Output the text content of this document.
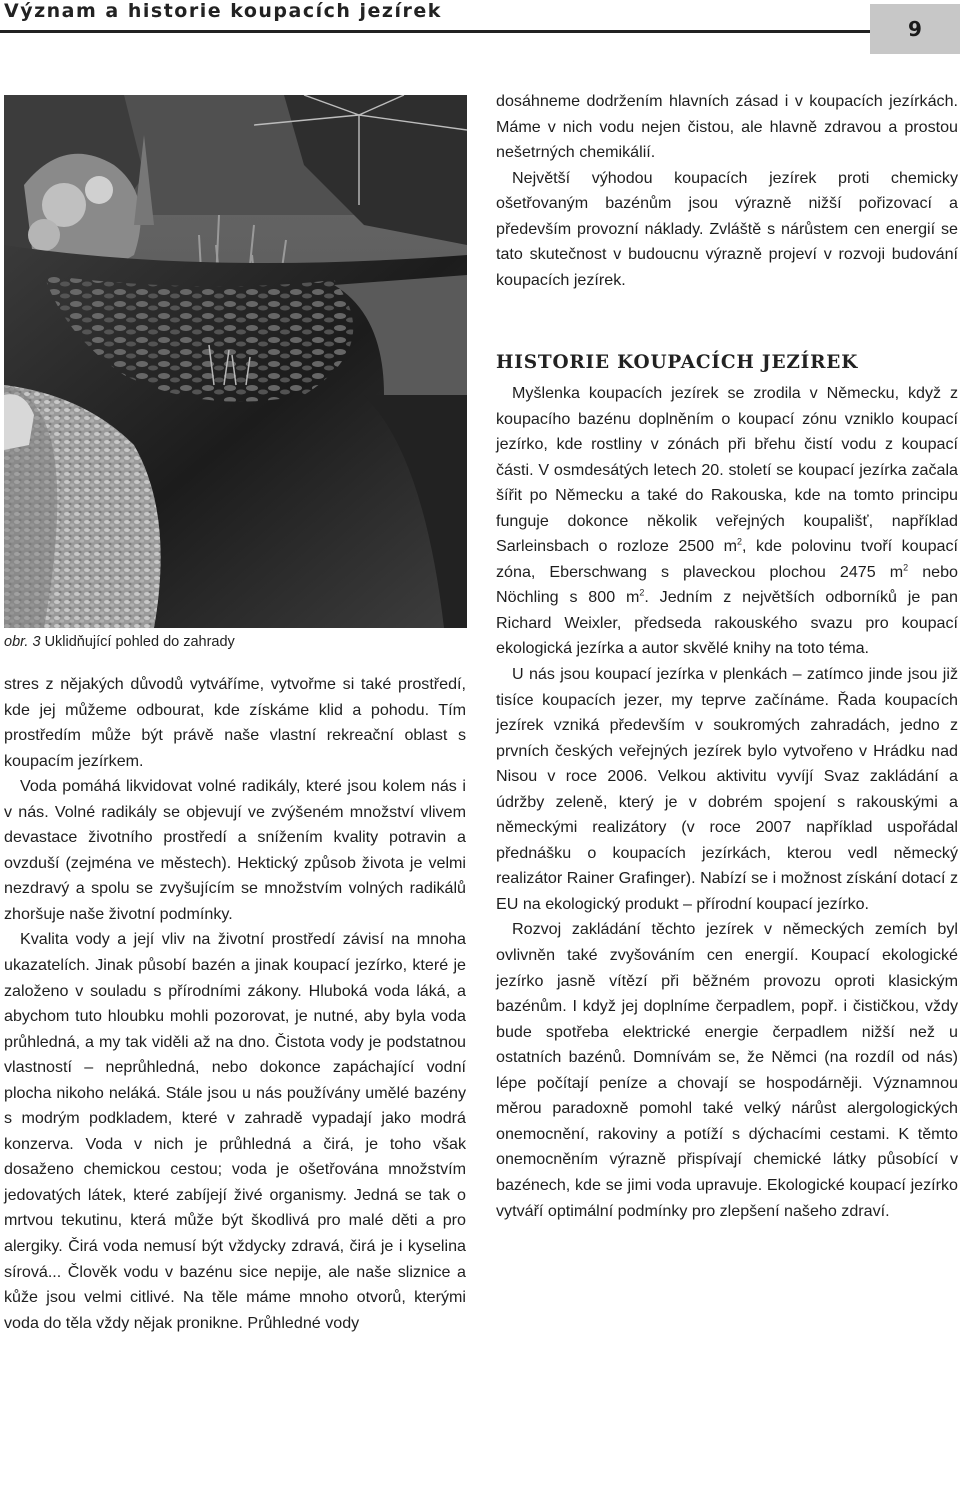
Význam a historie koupacích jezírek
9
obr. 3 Uklidňující pohled do zahrady

stres z nějakých důvodů vytváříme, vytvořme si také prostředí, kde jej můžeme odbourat, kde získáme klid a pohodu. Tím prostředím může být právě naše vlastní rekreační oblast s koupacím jezírkem.

Voda pomáhá likvidovat volné radikály, které jsou kolem nás i v nás. Volné radikály se objevují ve zvýšeném množství vlivem devastace životního prostředí a snížením kvality potravin a ovzduší (zejména ve městech). Hektický způsob života je velmi nezdravý a spolu se zvyšujícím se množstvím volných radikálů zhoršuje naše životní podmínky.

Kvalita vody a její vliv na životní prostředí závisí na mnoha ukazatelích. Jinak působí bazén a jinak koupací jezírko, které je založeno v souladu s přírodními zákony. Hluboká voda láká, a abychom tuto hloubku mohli pozorovat, je nutné, aby byla voda průhledná, a my tak viděli až na dno. Čistota vody je podstatnou vlastností – neprůhledná, nebo dokonce zapáchající vodní plocha nikoho neláká. Stále jsou u nás používány umělé bazény s modrým podkladem, které v zahradě vypadají jako modrá konzerva. Voda v nich je průhledná a čirá, je toho však dosaženo chemickou cestou; voda je ošetřována množstvím jedovatých látek, které zabíjejí živé organismy. Jedná se tak o mrtvou tekutinu, která může být škodlivá pro malé děti a pro alergiky. Čirá voda nemusí být vždycky zdravá, čirá je i kyselina sírová... Člověk vodu v bazénu sice nepije, ale naše sliznice a kůže jsou velmi citlivé. Na těle máme mnoho otvorů, kterými voda do těla vždy nějak pronikne. Průhledné vody

dosáhneme dodržením hlavních zásad i v koupacích jezírkách. Máme v nich vodu nejen čistou, ale hlavně zdravou a prostou nešetrných chemikálií.

Největší výhodou koupacích jezírek proti chemicky ošetřovaným bazénům jsou výrazně nižší pořizovací a především provozní náklady. Zvláště s nárůstem cen energií se tato skutečnost v budoucnu výrazně projeví v rozvoji budování koupacích jezírek.

HISTORIE KOUPACÍCH JEZÍREK

Myšlenka koupacích jezírek se zrodila v Německu, když z koupacího bazénu doplněním o koupací zónu vzniklo koupací jezírko, kde rostliny v zónách při břehu čistí vodu z koupací části. V osmdesátých letech 20. století se koupací jezírka začala šířit po Německu a také do Rakouska, kde na tomto principu funguje dokonce několik veřejných koupališť, například Sarleinsbach o rozloze 2500 $m^2$, kde polovinu tvoří koupací zóna, Eberschwang s plaveckou plochou 2475 $m^2$ nebo Nöchling s 800 $m^2$. Jedním z největších odborníků je pan Richard Weixler, předseda rakouského svazu pro koupací ekologická jezírka a autor skvělé knihy na toto téma.

U nás jsou koupací jezírka v plenkách – zatímco jinde jsou již tisíce koupacích jezer, my teprve začínáme. Řada koupacích jezírek vzniká především v soukromých zahradách, jedno z prvních českých veřejných jezírek bylo vytvořeno v Hrádku nad Nisou v roce 2006. Velkou aktivitu vyvíjí Svaz zakládání a údržby zeleně, který je v dobrém spojení s rakouskými a německými realizátory (v roce 2007 například uspořádal přednášku o koupacích jezírkách, kterou vedl německý realizátor Rainer Grafinger). Nabízí se i možnost získání dotací z EU na ekologický produkt – přírodní koupací jezírko.

Rozvoj zakládání těchto jezírek v německých zemích byl ovlivněn také zvyšováním cen energií. Koupací ekologické jezírko jasně vítězí při běžném provozu oproti klasickým bazénům. I když jej doplníme čerpadlem, popř. i čističkou, vždy bude spotřeba elektrické energie čerpadlem nižší než u ostatních bazénů. Domnívám se, že Němci (na rozdíl od nás) lépe počítají peníze a chovají se hospodárněji. Významnou měrou paradoxně pomohl také velký nárůst alergologických onemocnění, rakoviny a potíží s dýchacími cestami. K těmto onemocněním výrazně přispívají chemické látky působící v bazénech, kde se jimi voda upravuje. Ekologické koupací jezírko vytváří optimální podmínky pro zlepšení našeho zdraví.
